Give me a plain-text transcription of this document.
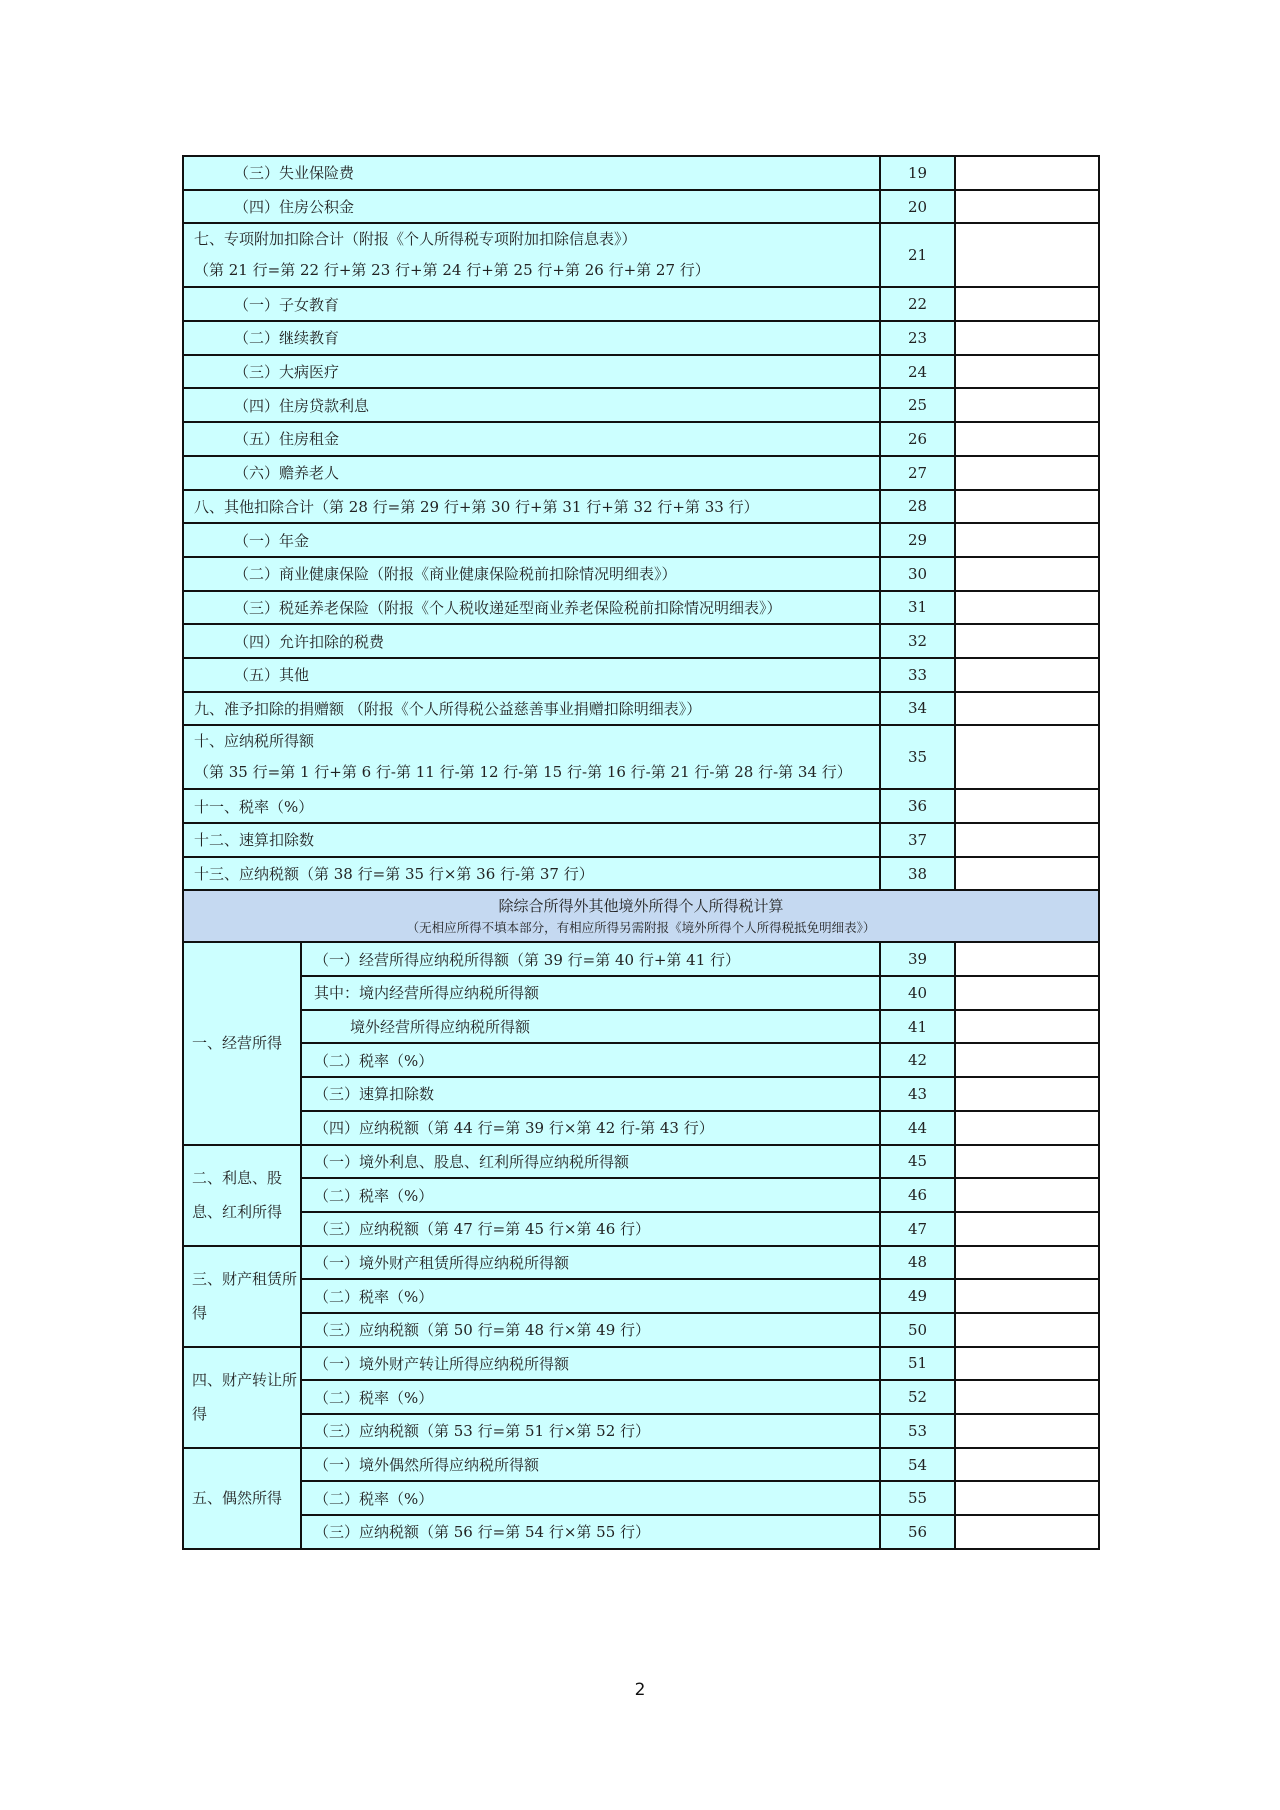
（三）失业保险费		19	
（四）住房公积金		20	

七、专项附加扣除合计（附报《个人所得税专项附加扣除信息表》）
（第 21 行=第 22 行+第 23 行+第 24 行+第 25 行+第 26 行+第 27 行）		21	
（一）子女教育		22	
（二）继续教育		23	
（三）大病医疗		24	
（四）住房贷款利息		25	
（五）住房租金		26	
（六）赡养老人		27	
八、其他扣除合计（第 28 行=第 29 行+第 30 行+第 31 行+第 32 行+第 33 行）		28	
（一）年金		29	
（二）商业健康保险（附报《商业健康保险税前扣除情况明细表》）		30	
（三）税延养老保险（附报《个人税收递延型商业养老保险税前扣除情况明细表》）		31	
（四）允许扣除的税费		32	
（五）其他		33	
九、准予扣除的捐赠额 （附报《个人所得税公益慈善事业捐赠扣除明细表》）		34	

十、应纳税所得额
（第 35 行=第 1 行+第 6 行-第 11 行-第 12 行-第 15 行-第 16 行-第 21 行-第 28 行-第 34 行）		35	
十一、税率（%）		36	
十二、速算扣除数		37	
十三、应纳税额（第 38 行=第 35 行×第 36 行-第 37 行）		38	

除综合所得外其他境外所得个人所得税计算
（无相应所得不填本部分，有相应所得另需附报《境外所得个人所得税抵免明细表》）			

一、经营所得	（一）经营所得应纳税所得额（第 39 行=第 40 行+第 41 行）	39	
	其中：境内经营所得应纳税所得额	40	
	境外经营所得应纳税所得额	41	
	（二）税率（%）	42	
	（三）速算扣除数	43	
	（四）应纳税额（第 44 行=第 39 行×第 42 行-第 43 行）	44	
二、利息、股息、红利所得	（一）境外利息、股息、红利所得应纳税所得额	45	
	（二）税率（%）	46	
	（三）应纳税额（第 47 行=第 45 行×第 46 行）	47	
三、财产租赁所得	（一）境外财产租赁所得应纳税所得额	48	
	（二）税率（%）	49	
	（三）应纳税额（第 50 行=第 48 行×第 49 行）	50	
四、财产转让所得	（一）境外财产转让所得应纳税所得额	51	
	（二）税率（%）	52	
	（三）应纳税额（第 53 行=第 51 行×第 52 行）	53	
五、偶然所得	（一）境外偶然所得应纳税所得额	54	
	（二）税率（%）	55	
	（三）应纳税额（第 56 行=第 54 行×第 55 行）	56	
2
